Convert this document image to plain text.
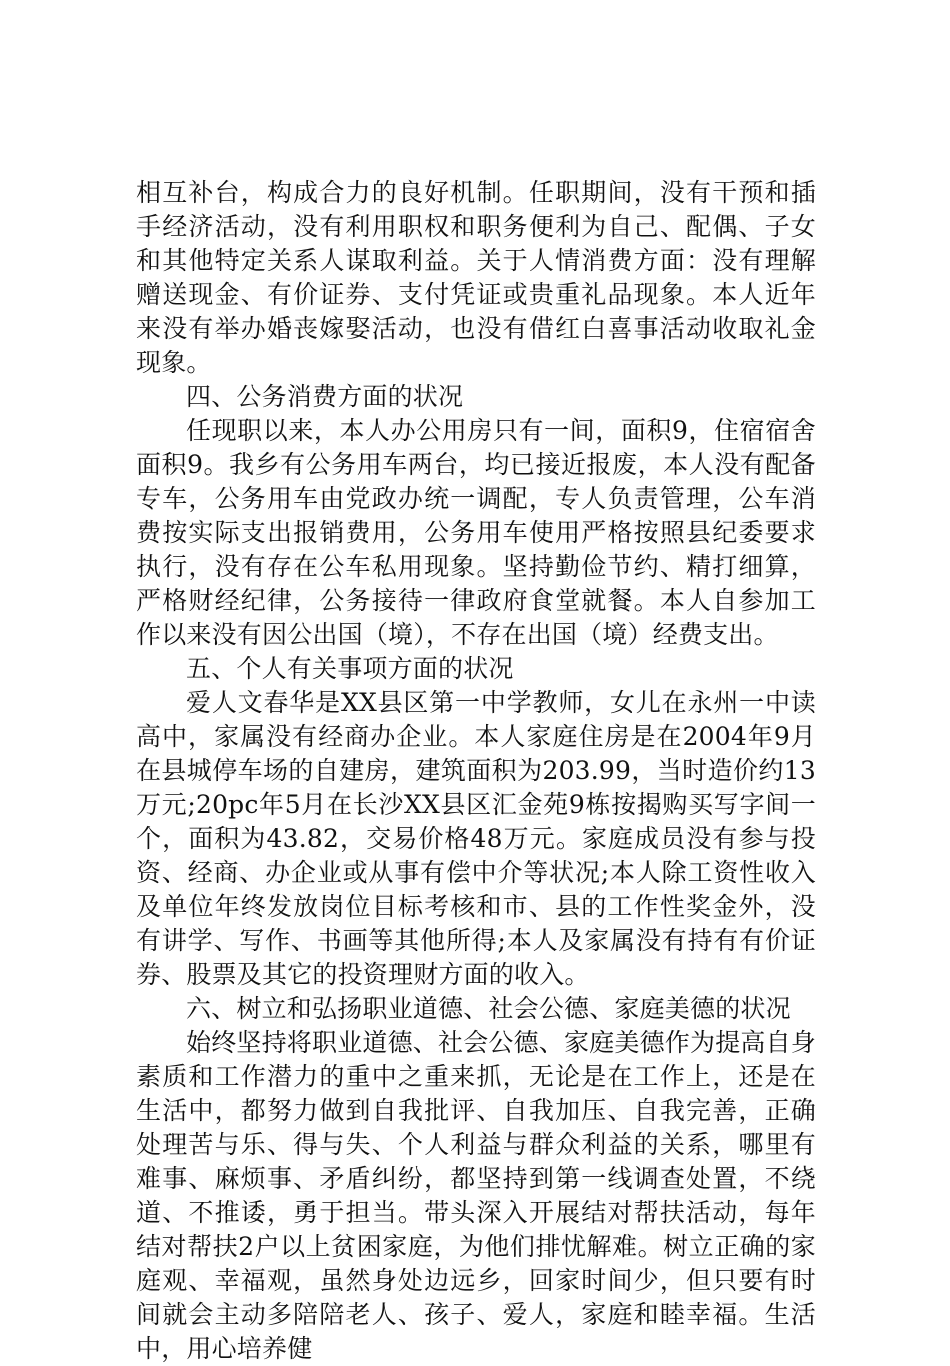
相互补台，构成合力的良好机制。任职期间，没有干预和插手经济活动，没有利用职权和职务便利为自己、配偶、子女和其他特定关系人谋取利益。关于人情消费方面：没有理解赠送现金、有价证券、支付凭证或贵重礼品现象。本人近年来没有举办婚丧嫁娶活动，也没有借红白喜事活动收取礼金现象。

四、公务消费方面的状况

任现职以来，本人办公用房只有一间，面积9，住宿宿舍面积9。我乡有公务用车两台，均已接近报废，本人没有配备专车，公务用车由党政办统一调配，专人负责管理，公车消费按实际支出报销费用，公务用车使用严格按照县纪委要求执行，没有存在公车私用现象。坚持勤俭节约、精打细算，严格财经纪律，公务接待一律政府食堂就餐。本人自参加工作以来没有因公出国（境），不存在出国（境）经费支出。

五、个人有关事项方面的状况

爱人文春华是XX县区第一中学教师，女儿在永州一中读高中，家属没有经商办企业。本人家庭住房是在2004年9月在县城停车场的自建房，建筑面积为203.99，当时造价约13万元;20pc年5月在长沙XX县区汇金苑9栋按揭购买写字间一个，面积为43.82，交易价格48万元。家庭成员没有参与投资、经商、办企业或从事有偿中介等状况;本人除工资性收入及单位年终发放岗位目标考核和市、县的工作性奖金外，没有讲学、写作、书画等其他所得;本人及家属没有持有有价证券、股票及其它的投资理财方面的收入。

六、树立和弘扬职业道德、社会公德、家庭美德的状况

始终坚持将职业道德、社会公德、家庭美德作为提高自身素质和工作潜力的重中之重来抓，无论是在工作上，还是在生活中，都努力做到自我批评、自我加压、自我完善，正确处理苦与乐、得与失、个人利益与群众利益的关系，哪里有难事、麻烦事、矛盾纠纷，都坚持到第一线调查处置，不绕道、不推诿，勇于担当。带头深入开展结对帮扶活动，每年结对帮扶2户以上贫困家庭，为他们排忧解难。树立正确的家庭观、幸福观，虽然身处边远乡，回家时间少，但只要有时间就会主动多陪陪老人、孩子、爱人，家庭和睦幸福。生活中，用心培养健
